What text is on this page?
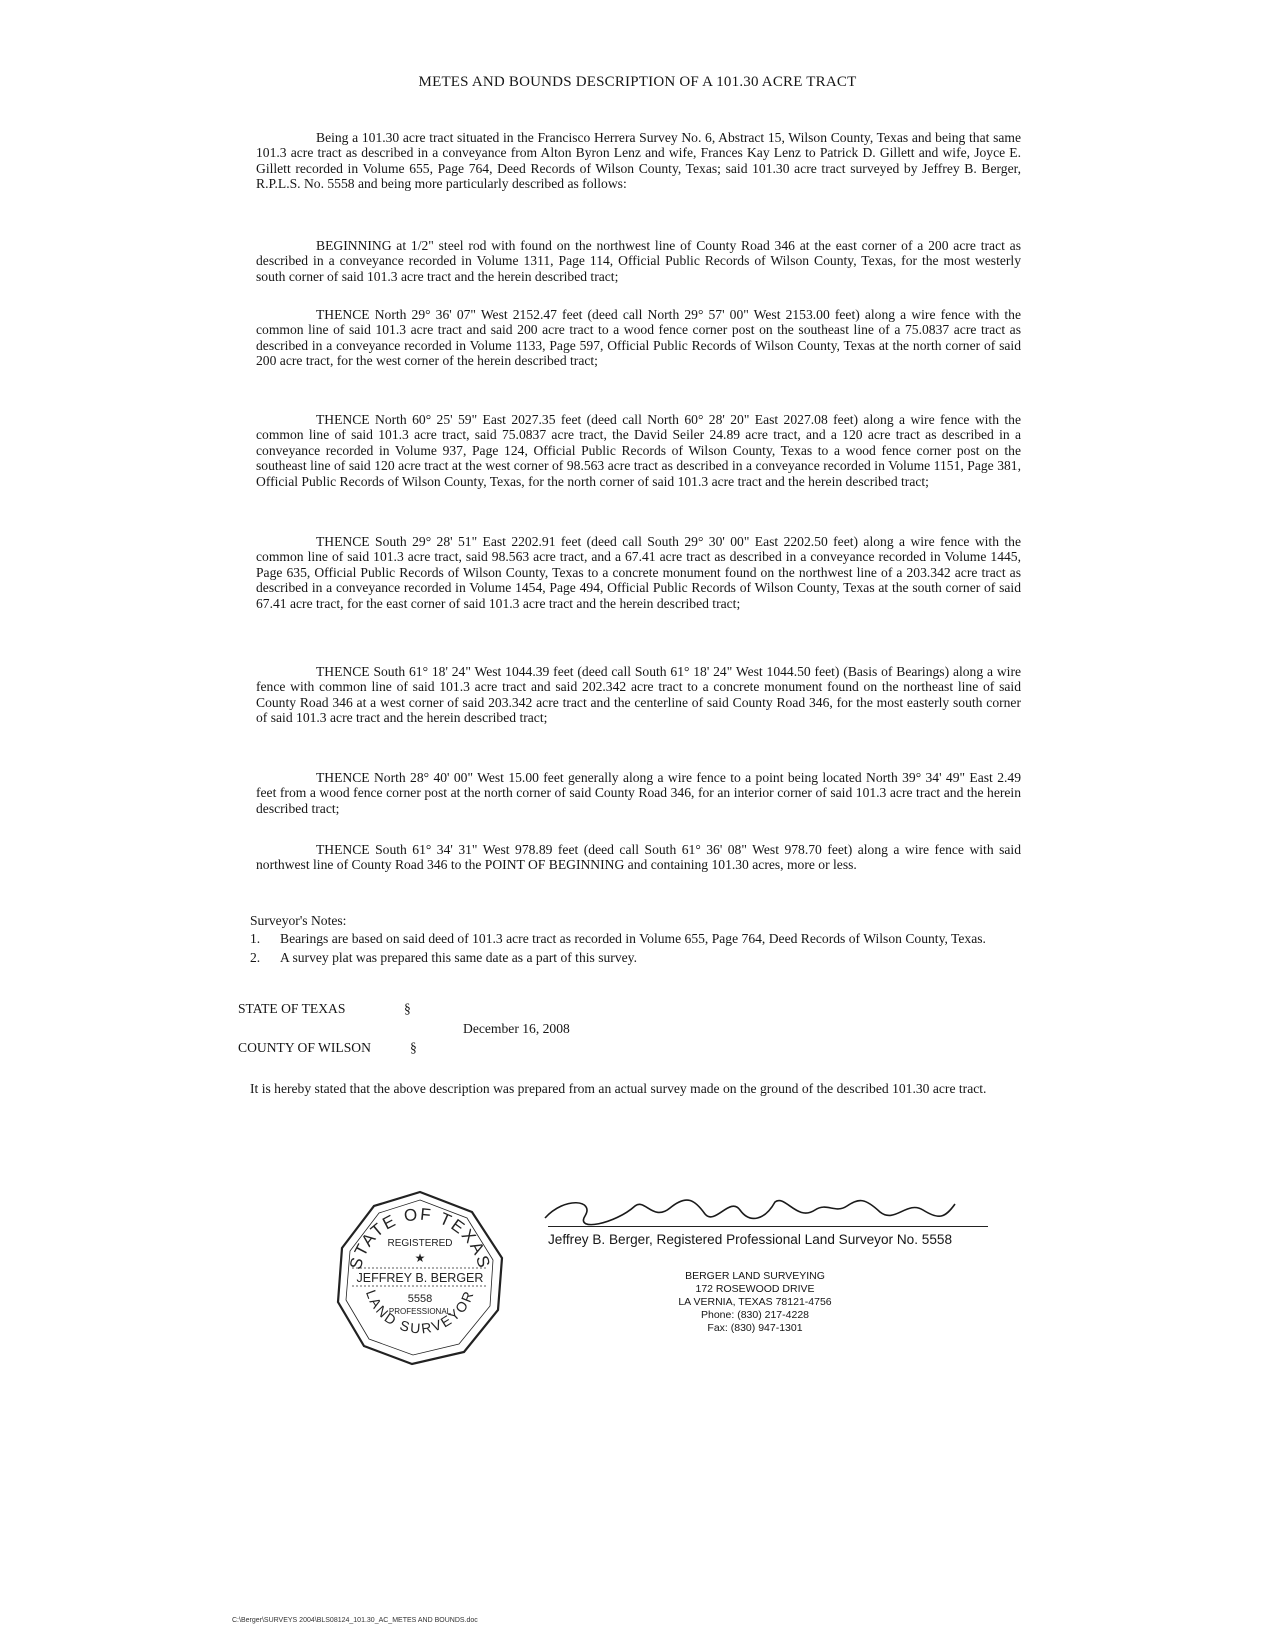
METES AND BOUNDS DESCRIPTION OF A 101.30 ACRE TRACT

Being a 101.30 acre tract situated in the Francisco Herrera Survey No. 6, Abstract 15, Wilson County, Texas and being that same 101.3 acre tract as described in a conveyance from Alton Byron Lenz and wife, Frances Kay Lenz to Patrick D. Gillett and wife, Joyce E. Gillett recorded in Volume 655, Page 764, Deed Records of Wilson County, Texas; said 101.30 acre tract surveyed by Jeffrey B. Berger, R.P.L.S. No. 5558 and being more particularly described as follows:

BEGINNING at 1/2" steel rod with found on the northwest line of County Road 346 at the east corner of a 200 acre tract as described in a conveyance recorded in Volume 1311, Page 114, Official Public Records of Wilson County, Texas, for the most westerly south corner of said 101.3 acre tract and the herein described tract;

THENCE North 29° 36' 07" West 2152.47 feet (deed call North 29° 57' 00" West 2153.00 feet) along a wire fence with the common line of said 101.3 acre tract and said 200 acre tract to a wood fence corner post on the southeast line of a 75.0837 acre tract as described in a conveyance recorded in Volume 1133, Page 597, Official Public Records of Wilson County, Texas at the north corner of said 200 acre tract, for the west corner of the herein described tract;

THENCE North 60° 25' 59" East 2027.35 feet (deed call North 60° 28' 20" East 2027.08 feet) along a wire fence with the common line of said 101.3 acre tract, said 75.0837 acre tract, the David Seiler 24.89 acre tract, and a 120 acre tract as described in a conveyance recorded in Volume 937, Page 124, Official Public Records of Wilson County, Texas to a wood fence corner post on the southeast line of said 120 acre tract at the west corner of 98.563 acre tract as described in a conveyance recorded in Volume 1151, Page 381, Official Public Records of Wilson County, Texas, for the north corner of said 101.3 acre tract and the herein described tract;

THENCE South 29° 28' 51" East 2202.91 feet (deed call South 29° 30' 00" East 2202.50 feet) along a wire fence with the common line of said 101.3 acre tract, said 98.563 acre tract, and a 67.41 acre tract as described in a conveyance recorded in Volume 1445, Page 635, Official Public Records of Wilson County, Texas to a concrete monument found on the northwest line of a 203.342 acre tract as described in a conveyance recorded in Volume 1454, Page 494, Official Public Records of Wilson County, Texas at the south corner of said 67.41 acre tract, for the east corner of said 101.3 acre tract and the herein described tract;

THENCE South 61° 18' 24" West 1044.39 feet (deed call South 61° 18' 24" West 1044.50 feet) (Basis of Bearings) along a wire fence with common line of said 101.3 acre tract and said 202.342 acre tract to a concrete monument found on the northeast line of said County Road 346 at a west corner of said 203.342 acre tract and the centerline of said County Road 346, for the most easterly south corner of said 101.3 acre tract and the herein described tract;

THENCE North 28° 40' 00" West 15.00 feet generally along a wire fence to a point being located North 39° 34' 49" East 2.49 feet from a wood fence corner post at the north corner of said County Road 346, for an interior corner of said 101.3 acre tract and the herein described tract;

THENCE South 61° 34' 31" West 978.89 feet (deed call South 61° 36' 08" West 978.70 feet) along a wire fence with said northwest line of County Road 346 to the POINT OF BEGINNING and containing 101.30 acres, more or less.

Surveyor's Notes:
1.	Bearings are based on said deed of 101.3 acre tract as recorded in Volume 655, Page 764, Deed Records of Wilson County, Texas.
2.	A survey plat was prepared this same date as a part of this survey.
STATE OF TEXAS	§
December 16, 2008
COUNTY OF WILSON	§
It is hereby stated that the above description was prepared from an actual survey made on the ground of the described 101.30 acre tract.
STATE OF TEXAS
REGISTERED
★
JEFFREY B. BERGER
5558
PROFESSIONAL
LAND SURVEYOR
Jeffrey B. Berger, Registered Professional Land Surveyor No. 5558
BERGER LAND SURVEYING
172 ROSEWOOD DRIVE
LA VERNIA, TEXAS 78121-4756
Phone: (830) 217-4228
Fax: (830) 947-1301
C:\Berger\SURVEYS 2004\BLS08124_101.30_AC_METES AND BOUNDS.doc
